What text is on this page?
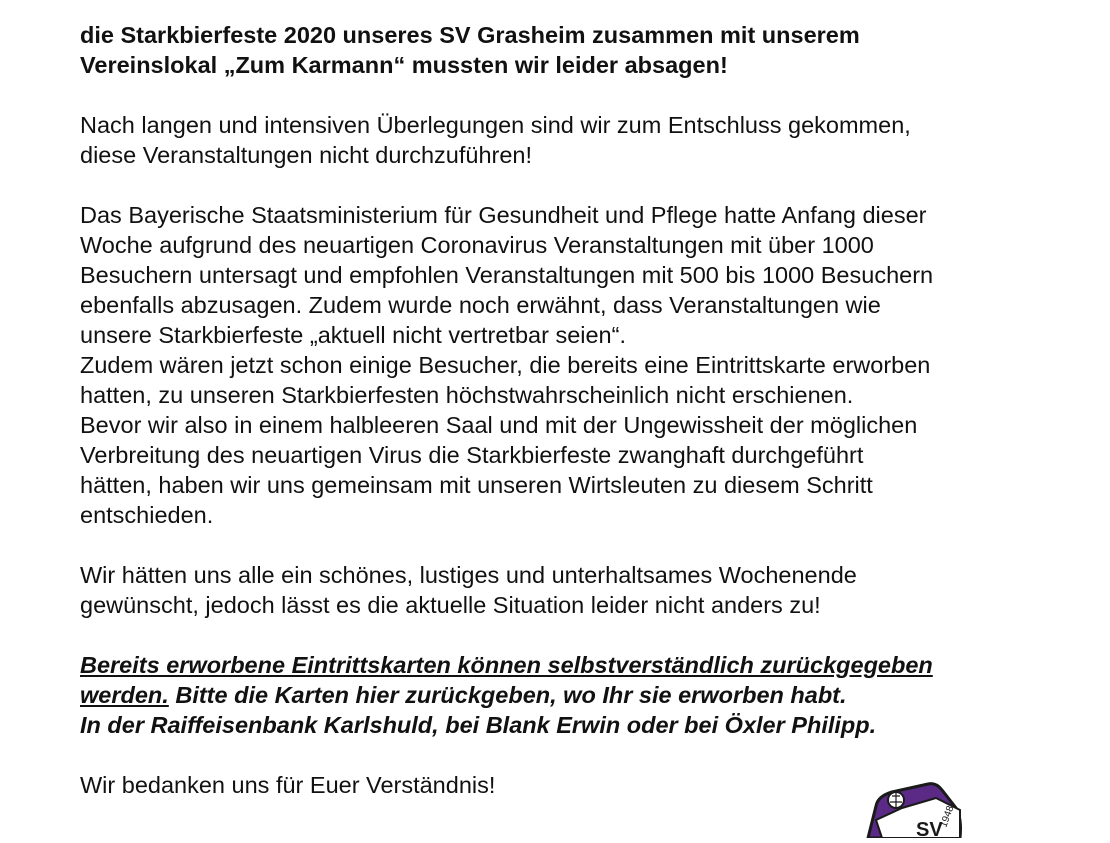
die Starkbierfeste 2020 unseres SV Grasheim zusammen mit unserem

Vereinslokal „Zum Karmann“ mussten wir leider absagen!

Nach langen und intensiven Überlegungen sind wir zum Entschluss gekommen,

diese Veranstaltungen nicht durchzuführen!

Das Bayerische Staatsministerium für Gesundheit und Pflege hatte Anfang dieser

Woche aufgrund des neuartigen Coronavirus Veranstaltungen mit über 1000

Besuchern untersagt und empfohlen Veranstaltungen mit 500 bis 1000 Besuchern

ebenfalls abzusagen. Zudem wurde noch erwähnt, dass Veranstaltungen wie

unsere Starkbierfeste „aktuell nicht vertretbar seien“.

Zudem wären jetzt schon einige Besucher, die bereits eine Eintrittskarte erworben

hatten, zu unseren Starkbierfesten höchstwahrscheinlich nicht erschienen.

Bevor wir also in einem halbleeren Saal und mit der Ungewissheit der möglichen

Verbreitung des neuartigen Virus die Starkbierfeste zwanghaft durchgeführt

hätten, haben wir uns gemeinsam mit unseren Wirtsleuten zu diesem Schritt

entschieden.

Wir hätten uns alle ein schönes, lustiges und unterhaltsames Wochenende

gewünscht, jedoch lässt es die aktuelle Situation leider nicht anders zu!

Bereits erworbene Eintrittskarten können selbstverständlich zurückgegeben

werden. Bitte die Karten hier zurückgeben, wo Ihr sie erworben habt.

In der Raiffeisenbank Karlshuld, bei Blank Erwin oder bei Öxler Philipp.

Wir bedanken uns für Euer Verständnis!

SV
1948
